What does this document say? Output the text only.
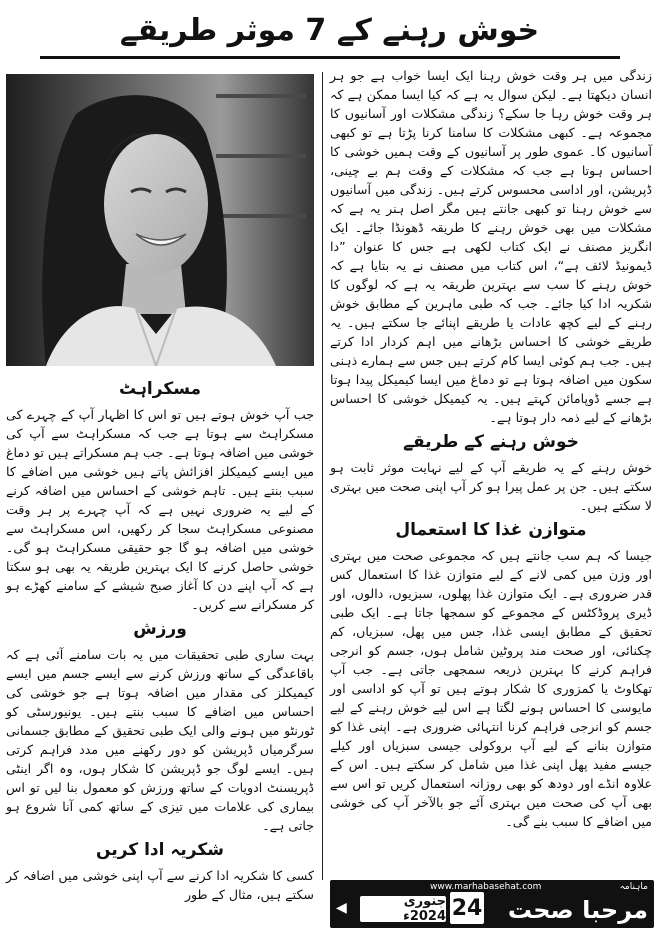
خوش رہنے کے 7 موثر طریقے

زندگی میں ہر وقت خوش رہنا ایک ایسا خواب ہے جو ہر انسان دیکھتا ہے۔ لیکن سوال یہ ہے کہ کیا ایسا ممکن ہے کہ ہر وقت خوش رہا جا سکے؟ زندگی مشکلات اور آسانیوں کا مجموعہ ہے۔ کبھی مشکلات کا سامنا کرنا پڑتا ہے تو کبھی آسانیوں کا۔ عموی طور پر آسانیوں کے وقت ہمیں خوشی کا احساس ہوتا ہے جب کہ مشکلات کے وقت ہم بے چینی، ڈپریشن، اور اداسی محسوس کرتے ہیں۔ زندگی میں آسانیوں سے خوش رہنا تو کبھی جانتے ہیں مگر اصل ہنر یہ ہے کہ مشکلات میں بھی خوش رہنے کا طریقہ ڈھونڈا جائے۔ ایک انگریز مصنف نے ایک کتاب لکھی ہے جس کا عنوان ”دا ڈیمونیڈ لائف ہے“، اس کتاب میں مصنف نے یہ بتایا ہے کہ خوش رہنے کا سب سے بہترین طریقہ یہ ہے کہ لوگوں کا شکریہ ادا کیا جائے۔ جب کہ طبی ماہرین کے مطابق خوش رہنے کے لیے کچھ عادات یا طریقے اپنائے جا سکتے ہیں۔ یہ طریقے خوشی کا احساس بڑھانے میں اہم کردار ادا کرتے ہیں۔ جب ہم کوئی ایسا کام کرتے ہیں جس سے ہمارے ذہنی سکون میں اضافہ ہوتا ہے تو دماغ میں ایسا کیمیکل پیدا ہوتا ہے جسے ڈوپامائن کہتے ہیں۔ یہ کیمیکل خوشی کا احساس بڑھانے کے لیے ذمہ دار ہوتا ہے۔

خوش رہنے کے طریقے

خوش رہنے کے یہ طریقے آپ کے لیے نہایت موثر ثابت ہو سکتے ہیں۔ جن پر عمل پیرا ہو کر آپ اپنی صحت میں بہتری لا سکتے ہیں۔

متوازن غذا کا استعمال

جیسا کہ ہم سب جانتے ہیں کہ مجموعی صحت میں بہتری اور وزن میں کمی لانے کے لیے متوازن غذا کا استعمال کس قدر ضروری ہے۔ ایک متوازن غذا پھلوں، سبزیوں، دالوں، اور ڈیری پروڈکٹس کے مجموعے کو سمجھا جاتا ہے۔ ایک طبی تحقیق کے مطابق ایسی غذا، جس میں پھل، سبزیاں، کم چکنائی، اور صحت مند پروٹین شامل ہوں، جسم کو انرجی فراہم کرنے کا بہترین ذریعہ سمجھی جاتی ہے۔ جب آپ تھکاوٹ یا کمزوری کا شکار ہوتے ہیں تو آپ کو اداسی اور مایوسی کا احساس ہونے لگتا ہے اس لیے خوش رہنے کے لیے جسم کو انرجی فراہم کرنا انتہائی ضروری ہے۔ اپنی غذا کو متوازن بنانے کے لیے آپ بروکولی جیسی سبزیاں اور کیلے جیسے مفید پھل اپنی غذا میں شامل کر سکتے ہیں۔ اس کے علاوہ انڈے اور دودھ کو بھی روزانہ استعمال کریں تو اس سے بھی آپ کی صحت میں بہتری آئے جو بالآخر آپ کی خوشی میں اضافے کا سبب بنے گی۔

مسکراہٹ

جب آپ خوش ہوتے ہیں تو اس کا اظہار آپ کے چہرے کی مسکراہٹ سے ہوتا ہے جب کہ مسکراہٹ سے آپ کی خوشی میں اضافہ ہوتا ہے۔ جب ہم مسکراتے ہیں تو دماغ میں ایسے کیمیکلز افزائش پاتے ہیں خوشی میں اضافے کا سبب بنتے ہیں۔ تاہم خوشی کے احساس میں اضافہ کرنے کے لیے یہ ضروری نہیں ہے کہ آپ چہرے پر ہر وقت مصنوعی مسکراہٹ سجا کر رکھیں، اس مسکراہٹ سے خوشی میں اضافہ ہو گا جو حقیقی مسکراہٹ ہو گی۔ خوشی حاصل کرنے کا ایک بہترین طریقہ یہ بھی ہو سکتا ہے کہ آپ اپنے دن کا آغاز صبح شیشے کے سامنے کھڑے ہو کر مسکرانے سے کریں۔

ورزش

بہت ساری طبی تحقیقات میں یہ بات سامنے آئی ہے کہ باقاعدگی کے ساتھ ورزش کرنے سے ایسے جسم میں ایسے کیمیکلز کی مقدار میں اضافہ ہوتا ہے جو خوشی کی احساس میں اضافے کا سبب بنتے ہیں۔ یونیورسٹی کو ٹورنٹو میں ہونے والی ایک طبی تحقیق کے مطابق جسمانی سرگرمیاں ڈپریشن کو دور رکھنے میں مدد فراہم کرتی ہیں۔ ایسے لوگ جو ڈپریشن کا شکار ہوں، وہ اگر اینٹی ڈپریسنٹ ادویات کے ساتھ ورزش کو معمول بنا لیں تو اس بیماری کی علامات میں تیزی کے ساتھ کمی آنا شروع ہو جاتی ہے۔

شکریہ ادا کریں

کسی کا شکریہ ادا کرنے سے آپ اپنی خوشی میں اضافہ کر سکتے ہیں، مثال کے طور	ماہنامہ
www.marhabasehat.com
مرحبا صحت
24
جنوری 2024ء
◀
